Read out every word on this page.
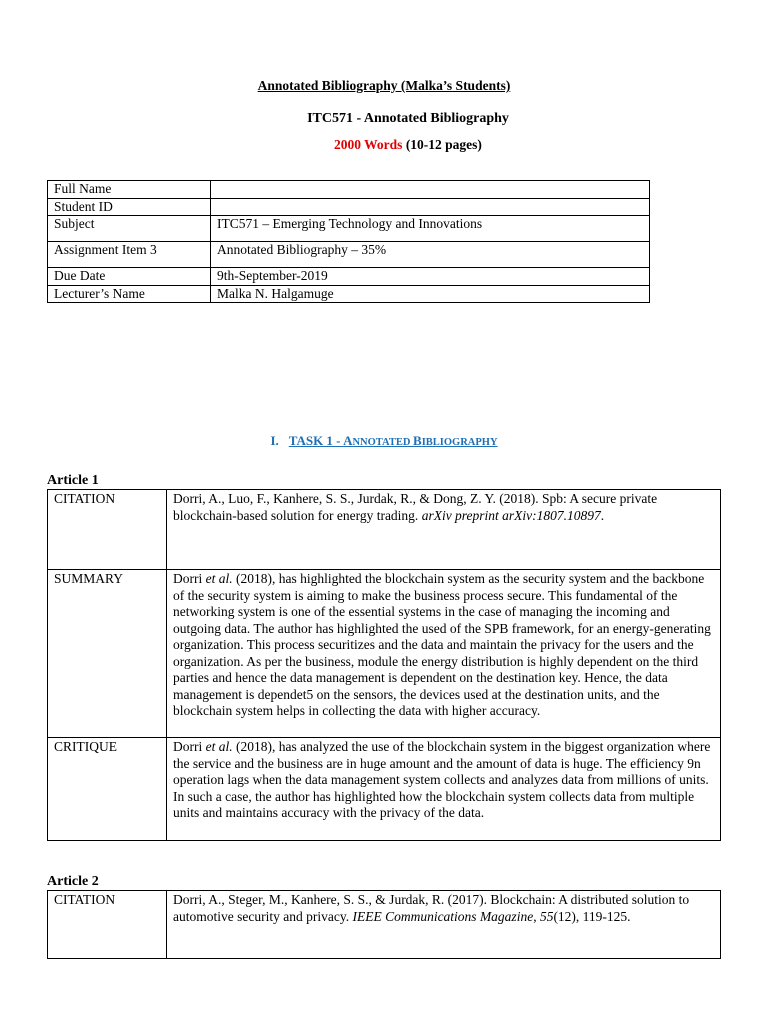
Annotated Bibliography (Malka’s Students)
ITC571 - Annotated Bibliography
2000 Words (10-12 pages)
Full Name	
Student ID	
Subject	ITC571 – Emerging Technology and Innovations
Assignment Item 3	Annotated Bibliography – 35%
Due Date	9th-September-2019
Lecturer’s Name	Malka N. Halgamuge
I. TASK 1 - ANNOTATED BIBLIOGRAPHY
Article 1
CITATION	Dorri, A., Luo, F., Kanhere, S. S., Jurdak, R., & Dong, Z. Y. (2018). Spb: A secure private blockchain-based solution for energy trading. arXiv preprint arXiv:1807.10897.
SUMMARY	Dorri et al. (2018), has highlighted the blockchain system as the security system and the backbone of the security system is aiming to make the business process secure. This fundamental of the networking system is one of the essential systems in the case of managing the incoming and outgoing data. The author has highlighted the used of the SPB framework, for an energy-generating organization. This process securitizes and the data and maintain the privacy for the users and the organization. As per the business, module the energy distribution is highly dependent on the third parties and hence the data management is dependent on the destination key. Hence, the data management is dependet5 on the sensors, the devices used at the destination units, and the blockchain system helps in collecting the data with higher accuracy.
CRITIQUE	Dorri et al. (2018), has analyzed the use of the blockchain system in the biggest organization where the service and the business are in huge amount and the amount of data is huge. The efficiency 9n operation lags when the data management system collects and analyzes data from millions of units. In such a case, the author has highlighted how the blockchain system collects data from multiple units and maintains accuracy with the privacy of the data.
Article 2
CITATION	Dorri, A., Steger, M., Kanhere, S. S., & Jurdak, R. (2017). Blockchain: A distributed solution to automotive security and privacy. IEEE Communications Magazine, 55(12), 119-125.
